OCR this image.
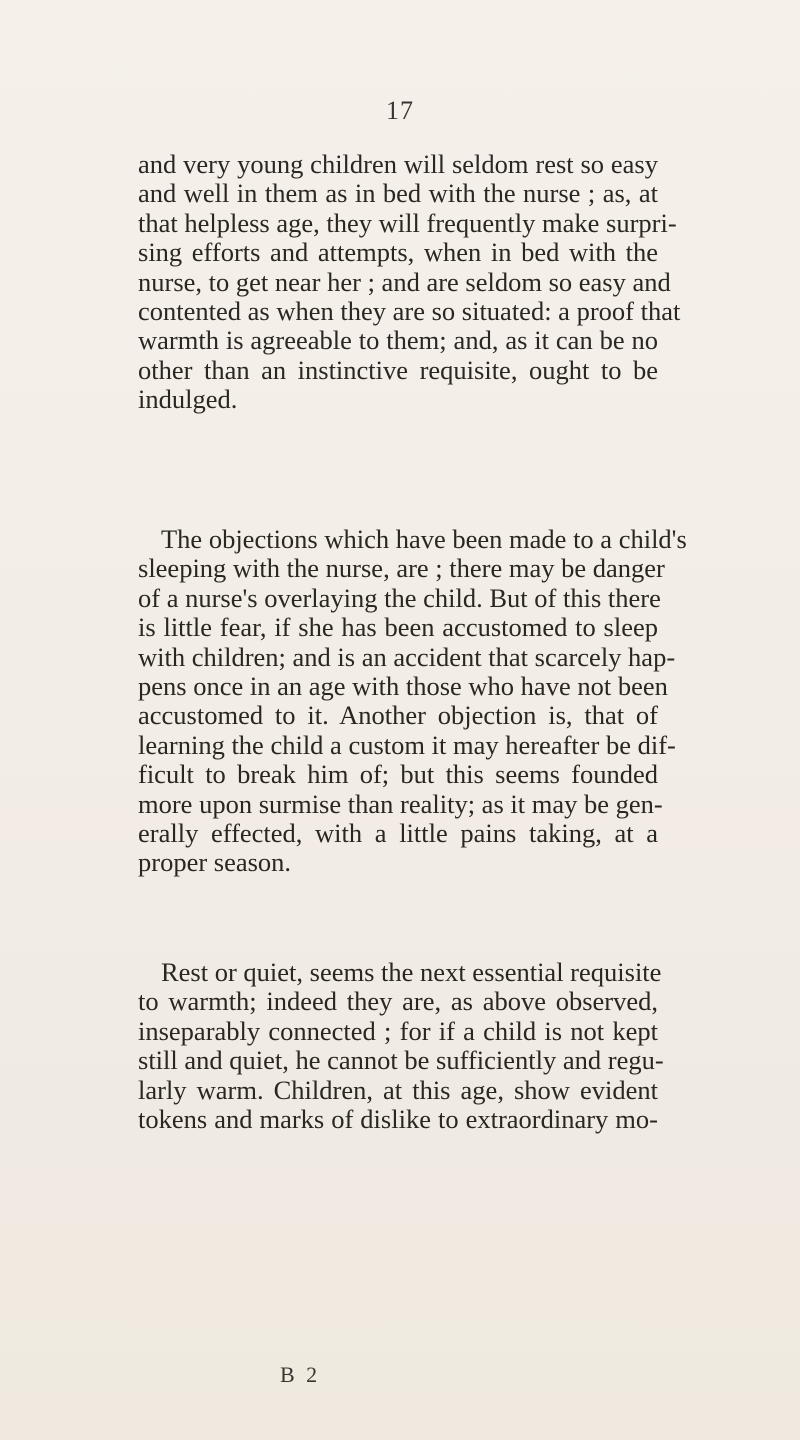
17

and very young children will seldom rest so easy
and well in them as in bed with the nurse ; as, at
that helpless age, they will frequently make surpri-
sing efforts and attempts, when in bed with the
nurse, to get near her ; and are seldom so easy and
contented as when they are so situated: a proof that
warmth is agreeable to them; and, as it can be no
other than an instinctive requisite, ought to be
indulged.

The objections which have been made to a child's
sleeping with the nurse, are ; there may be danger
of a nurse's overlaying the child. But of this there
is little fear, if she has been accustomed to sleep
with children; and is an accident that scarcely hap-
pens once in an age with those who have not been
accustomed to it. Another objection is, that of
learning the child a custom it may hereafter be dif-
ficult to break him of; but this seems founded
more upon surmise than reality; as it may be gen-
erally effected, with a little pains taking, at a
proper season.

Rest or quiet, seems the next essential requisite
to warmth; indeed they are, as above observed,
inseparably connected ; for if a child is not kept
still and quiet, he cannot be sufficiently and regu-
larly warm. Children, at this age, show evident
tokens and marks of dislike to extraordinary mo-

B 2
